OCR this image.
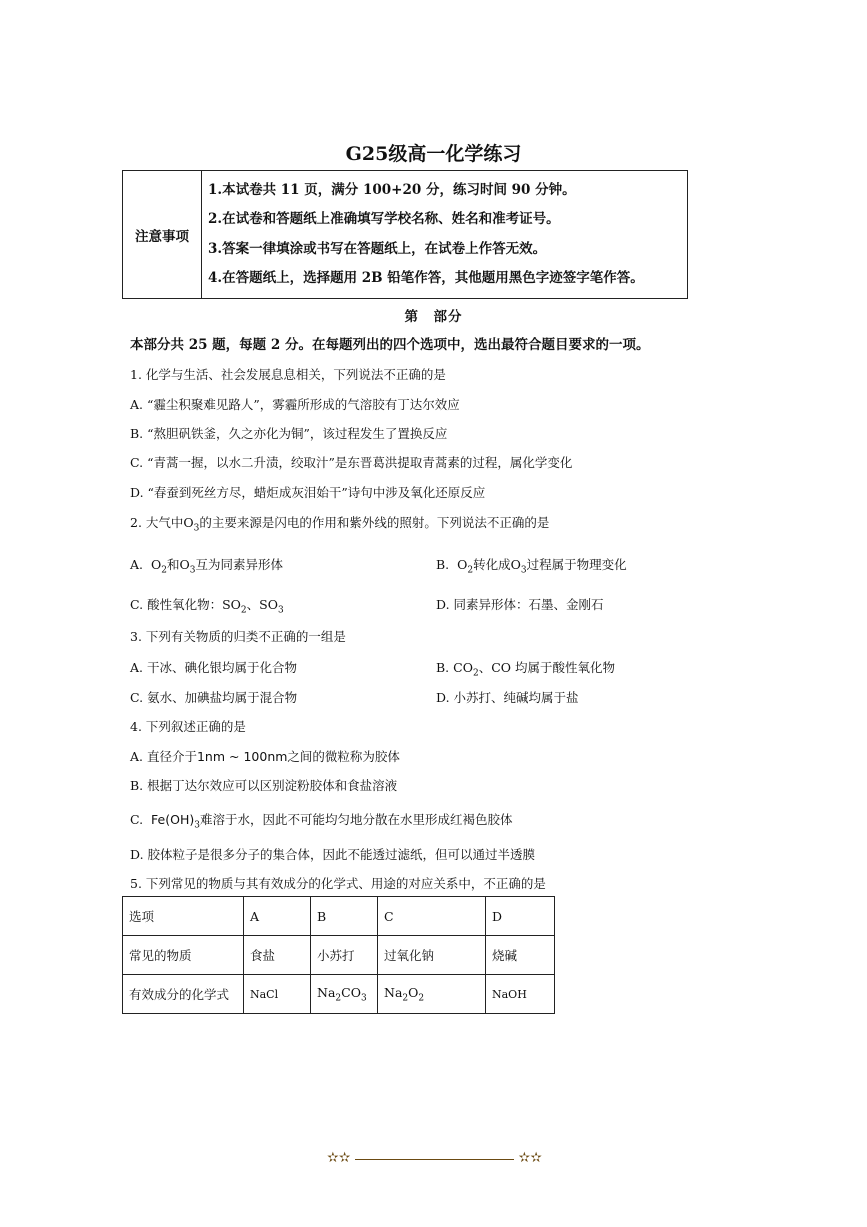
G25级高一化学练习
注意事项	
1.本试卷共 11 页，满分 100+20 分，练习时间 90 分钟。
2.在试卷和答题纸上准确填写学校名称、姓名和准考证号。
3.答案一律填涂或书写在答题纸上，在试卷上作答无效。
4.在答题纸上，选择题用 2B 铅笔作答，其他题用黑色字迹签字笔作答。
第　部分
本部分共 25 题，每题 2 分。在每题列出的四个选项中，选出最符合题目要求的一项。
1. 化学与生活、社会发展息息相关，下列说法不正确的是
A. “霾尘积聚难见路人”，雾霾所形成的气溶胶有丁达尔效应
B. “熬胆矾铁釜，久之亦化为铜”，该过程发生了置换反应
C. “青蒿一握，以水二升渍，绞取汁”是东晋葛洪提取青蒿素的过程，属化学变化
D. “春蚕到死丝方尽，蜡炬成灰泪始干”诗句中涉及氧化还原反应
2. 大气中$O_3$的主要来源是闪电的作用和紫外线的照射。下列说法不正确的是
A. $O_2$和$O_3$互为同素异形体	B. $O_2$转化成$O_3$过程属于物理变化
C. 酸性氧化物：$SO_2$、$SO_3$	D. 同素异形体：石墨、金刚石
3. 下列有关物质的归类不正确的一组是
A. 干冰、碘化银均属于化合物	B. $CO_2$、CO 均属于酸性氧化物
C. 氨水、加碘盐均属于混合物	D. 小苏打、纯碱均属于盐
4. 下列叙述正确的是
A. 直径介于1nm ~ 100nm之间的微粒称为胶体
B. 根据丁达尔效应可以区别淀粉胶体和食盐溶液
C. $Fe(OH)_3$难溶于水，因此不可能均匀地分散在水里形成红褐色胶体
D. 胶体粒子是很多分子的集合体，因此不能透过滤纸，但可以通过半透膜
5. 下列常见的物质与其有效成分的化学式、用途的对应关系中，不正确的是
选项	A	B	C	D
常见的物质	食盐	小苏打	过氧化钠	烧碱
有效成分的化学式	NaCl	$Na_2CO_3$	$Na_2O_2$	NaOH
✫✫	✫✫
